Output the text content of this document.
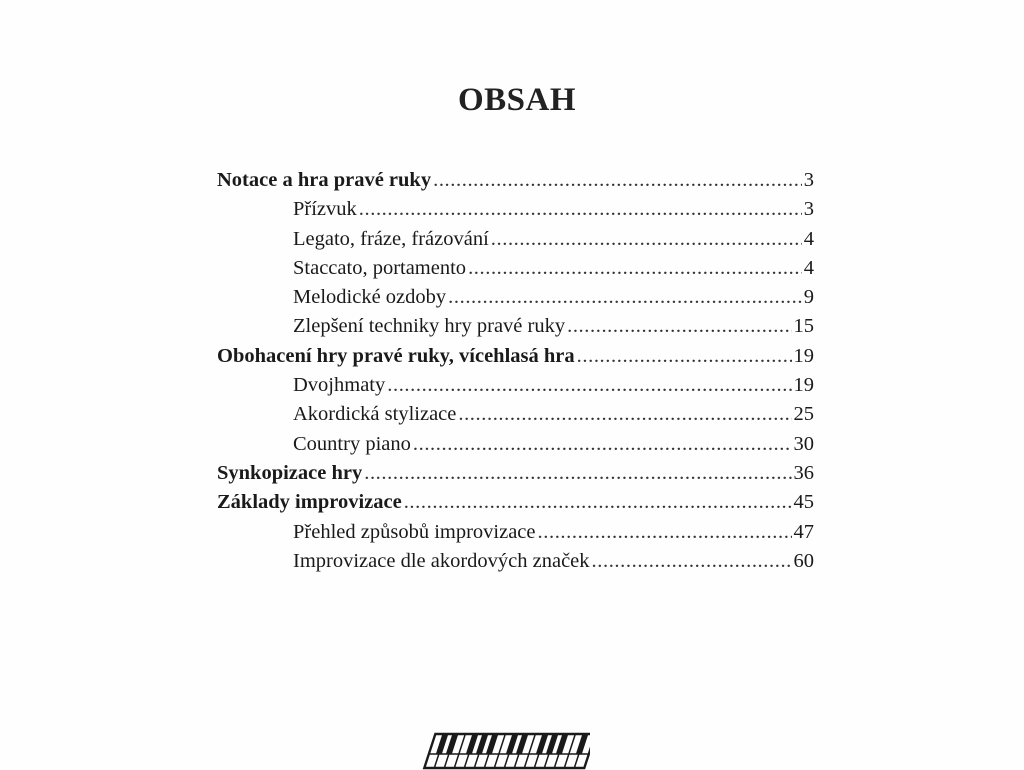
OBSAH
Notace a hra pravé ruky .....	3
Přízvuk .....	3
Legato, fráze, frázování .....	4
Staccato, portamento .....	4
Melodické ozdoby .....	9
Zlepšení techniky hry pravé ruky .....	15
Obohacení hry pravé ruky, vícehlasá hra .....	19
Dvojhmaty .....	19
Akordická stylizace .....	25
Country piano .....	30
Synkopizace hry .....	36
Základy improvizace .....	45
Přehled způsobů improvizace .....	47
Improvizace dle akordových značek .....	60
